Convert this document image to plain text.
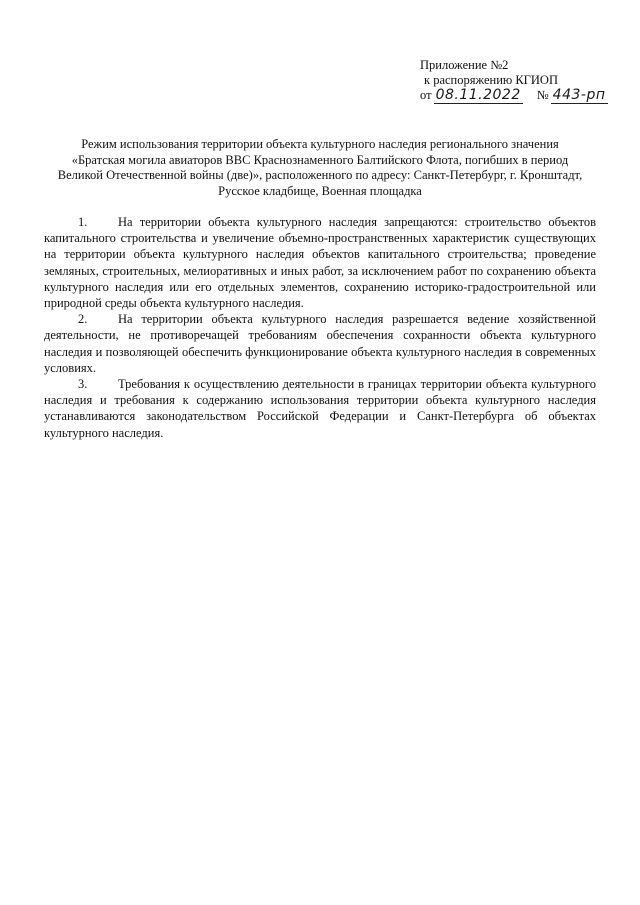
Приложение №2
к распоряжению КГИОП
от 08.11.2022 № 443-рп
Режим использования территории объекта культурного наследия регионального значения
«Братская могила авиаторов ВВС Краснознаменного Балтийского Флота, погибших в период
Великой Отечественной войны (две)», расположенного по адресу: Санкт-Петербург, г. Кронштадт,
Русское кладбище, Военная площадка

1. На территории объекта культурного наследия запрещаются: строительство объектов капитального строительства и увеличение объемно-пространственных характеристик существующих на территории объекта культурного наследия объектов капитального строительства; проведение земляных, строительных, мелиоративных и иных работ, за исключением работ по сохранению объекта культурного наследия или его отдельных элементов, сохранению историко-градостроительной или природной среды объекта культурного наследия.

2. На территории объекта культурного наследия разрешается ведение хозяйственной деятельности, не противоречащей требованиям обеспечения сохранности объекта культурного наследия и позволяющей обеспечить функционирование объекта культурного наследия в современных условиях.

3. Требования к осуществлению деятельности в границах территории объекта культурного наследия и требования к содержанию использования территории объекта культурного наследия устанавливаются законодательством Российской Федерации и Санкт-Петербурга об объектах культурного наследия.
